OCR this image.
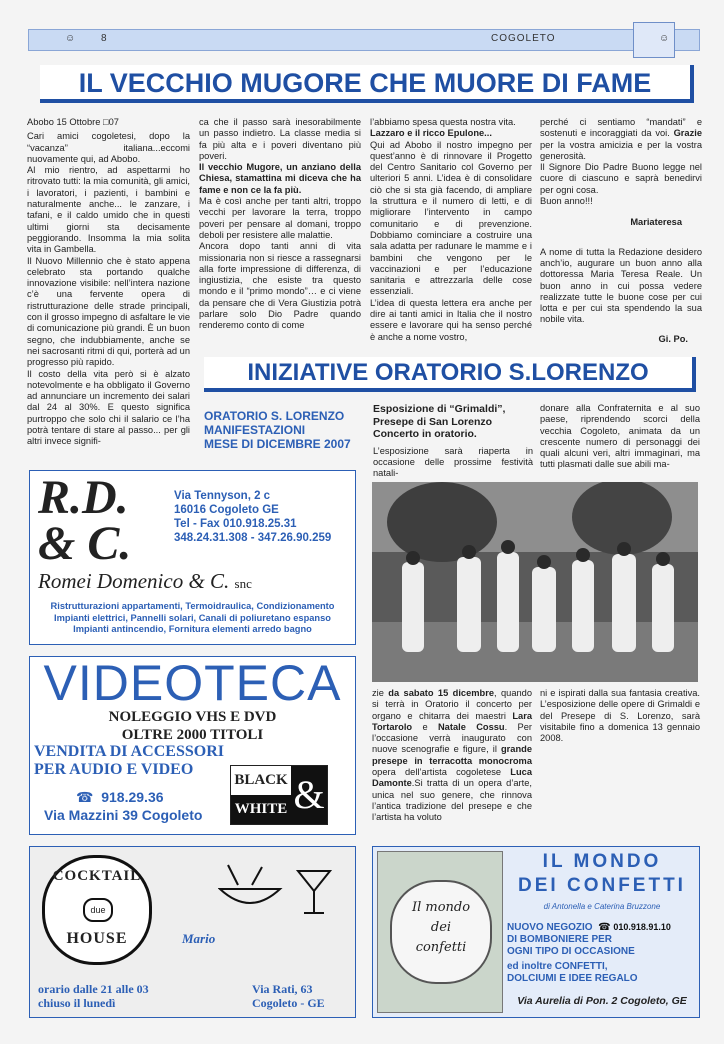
☺ 8	COGOLETO	☺
IL VECCHIO MUGORE CHE MUORE DI FAME

Abobo 15 Ottobre □07

Cari amici cogoletesi, dopo la “vacanza” italiana...eccomi nuovamente qui, ad Abobo.

Al mio rientro, ad aspettarmi ho ritrovato tutti: la mia comunità, gli amici, i lavoratori, i pazienti, i bambini e naturalmente anche... le zanzare, i tafani, e il caldo umido che in questi ultimi giorni sta decisamente peggiorando. Insomma la mia solita vita in Gambella.

Il Nuovo Millennio che è stato appena celebrato sta portando qualche innovazione visibile: nell’intera nazione c’è una fervente opera di ristrutturazione delle strade principali, con il grosso impegno di asfaltare le vie di comunicazione più grandi. È un buon segno, che indubbiamente, anche se nei sacrosanti ritmi di qui, porterà ad un progresso più rapido.

Il costo della vita però si è alzato notevolmente e ha obbligato il Governo ad annunciare un incremento dei salari dal 24 al 30%. E questo significa purtroppo che solo chi il salario ce l’ha potrà tentare di stare al passo... per gli altri invece signifi-

ca che il passo sarà inesorabilmente un passo indietro. La classe media si fa più alta e i poveri diventano più poveri.

Il vecchio Mugore, un anziano della Chiesa, stamattina mi diceva che ha fame e non ce la fa più.

Ma è così anche per tanti altri, troppo vecchi per lavorare la terra, troppo poveri per pensare al domani, troppo deboli per resistere alle malattie.

Ancora dopo tanti anni di vita missionaria non si riesce a rassegnarsi alla forte impressione di differenza, di ingiustizia, che esiste tra questo mondo e il “primo mondo”… e ci viene da pensare che di Vera Giustizia potrà parlare solo Dio Padre quando renderemo conto di come

l’abbiamo spesa questa nostra vita.

Lazzaro e il ricco Epulone...

Qui ad Abobo il nostro impegno per quest’anno è di rinnovare il Progetto del Centro Sanitario col Governo per ulteriori 5 anni. L’idea è di consolidare ciò che si sta già facendo, di ampliare la struttura e il numero di letti, e di migliorare l’intervento in campo comunitario e di prevenzione. Dobbiamo cominciare a costruire una sala adatta per radunare le mamme e i bambini che vengono per le vaccinazioni e per l’educazione sanitaria e attrezzarla delle cose essenziali.

L’idea di questa lettera era anche per dire ai tanti amici in Italia che il nostro essere e lavorare qui ha senso perché è anche a nome vostro,

perché ci sentiamo “mandati” e sostenuti e incoraggiati da voi. Grazie per la vostra amicizia e per la vostra generosità.

Il Signore Dio Padre Buono legge nel cuore di ciascuno e saprà benedirvi per ogni cosa.

Buon anno!!!

Mariateresa

A nome di tutta la Redazione desidero anch’io, augurare un buon anno alla dottoressa Maria Teresa Reale. Un buon anno in cui possa vedere realizzate tutte le buone cose per cui lotta e per cui sta spendendo la sua nobile vita.

Gi. Po.

INIZIATIVE ORATORIO S.LORENZO
ORATORIO S. LORENZO
MANIFESTAZIONI
MESE DI DICEMBRE 2007
Esposizione di “Grimaldi”,
Presepe di San Lorenzo
Concerto in oratorio.

L’esposizione sarà riaperta in occasione delle prossime festività natali-

donare alla Confraternita e al suo paese, riprendendo scorci della vecchia Cogoleto, animata da un crescente numero di personaggi dei quali alcuni veri, altri immaginari, ma tutti plasmati dalle sue abili ma-

zie da sabato 15 dicembre, quando si terrà in Oratorio il concerto per organo e chitarra dei maestri Lara Tortarolo e Natale Cossu. Per l’occasione verrà inaugurato con nuove scenografie e figure, il grande presepe in terracotta monocroma opera dell’artista cogoletese Luca Damonte.Si tratta di un opera d’arte, unica nel suo genere, che rinnova l’antica tradizione del presepe e che l’artista ha voluto

ni e ispirati dalla sua fantasia creativa. L’esposizione delle opere di Grimaldi e del Presepe di S. Lorenzo, sarà visitabile fino a domenica 13 gennaio 2008.

R.D.
& C.
Via Tennyson, 2 c
16016 Cogoleto GE
Tel - Fax 010.918.25.31
348.24.31.308 - 347.26.90.259
Romei Domenico & C. snc
Ristrutturazioni appartamenti, Termoidraulica, Condizionamento Impianti elettrici, Pannelli solari, Canali di poliuretano espanso Impianti antincendio, Fornitura elementi arredo bagno
VIDEOTECA
NOLEGGIO VHS E DVD
OLTRE 2000 TITOLI
VENDITA DI ACCESSORI
PER AUDIO E VIDEO
☎ 918.29.36
Via Mazzini 39 Cogoleto
BLACK
WHITE &
COCKTAIL
due
HOUSE	Mario
orario dalle 21 alle 03
chiuso il lunedì
Via Rati, 63
Cogoleto - GE
Il mondo
dei
confetti
IL MONDO
DEI CONFETTI
di Antonella e Caterina Bruzzone
NUOVO NEGOZIO ☎ 010.918.91.10
DI BOMBONIERE PER
OGNI TIPO DI OCCASIONE
ed inoltre CONFETTI,
DOLCIUMI E IDEE REGALO
Via Aurelia di Pon. 2 Cogoleto, GE
